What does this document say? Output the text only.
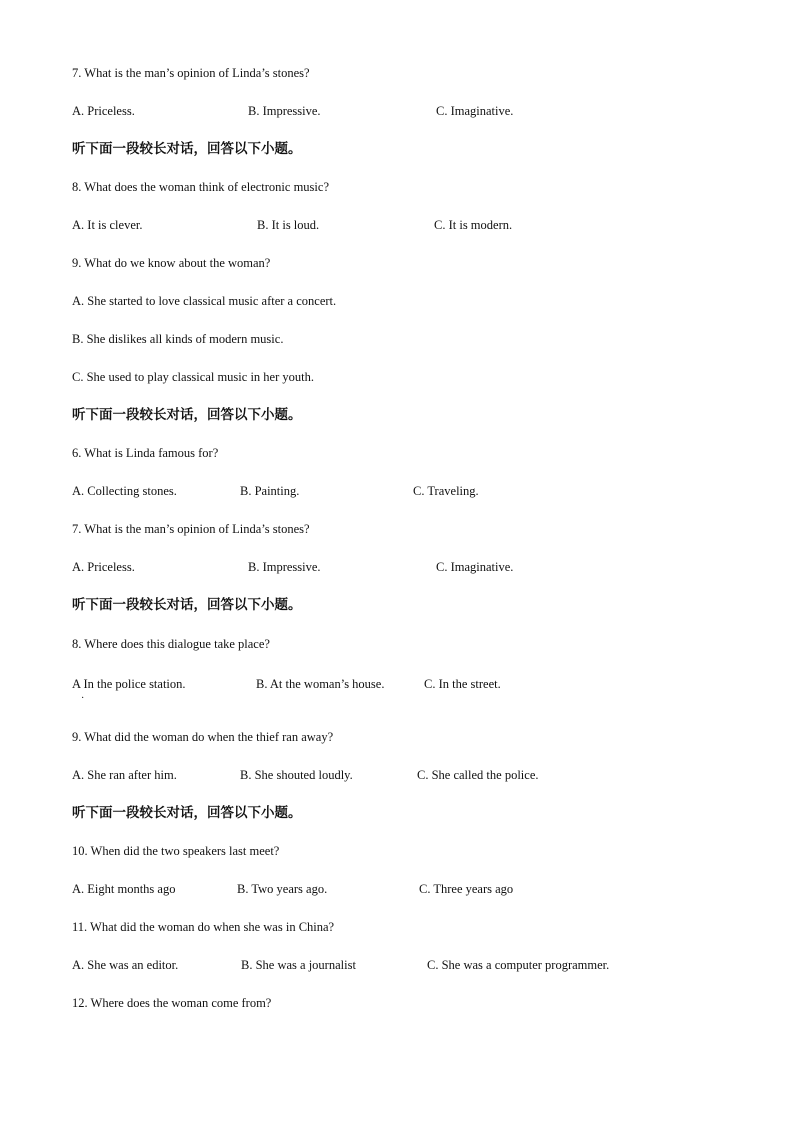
7. What is the man’s opinion of Linda’s stones?
A. Priceless.	B. Impressive.	C. Imaginative.
听下面一段较长对话，回答以下小题。
8. What does the woman think of electronic music?
A. It is clever.	B. It is loud.	C. It is modern.
9. What do we know about the woman?
A. She started to love classical music after a concert.
B. She dislikes all kinds of modern music.
C. She used to play classical music in her youth.
听下面一段较长对话，回答以下小题。
6. What is Linda famous for?
A. Collecting stones.	B. Painting.	C. Traveling.
7. What is the man’s opinion of Linda’s stones?
A. Priceless.	B. Impressive.	C. Imaginative.
听下面一段较长对话，回答以下小题。
8. Where does this dialogue take place?
A In the police station.	B. At the woman’s house.	C. In the street.
·
9. What did the woman do when the thief ran away?
A. She ran after him.	B. She shouted loudly.	C. She called the police.
听下面一段较长对话，回答以下小题。
10. When did the two speakers last meet?
A. Eight months ago	B. Two years ago.	C. Three years ago
11. What did the woman do when she was in China?
A. She was an editor.	B. She was a journalist	C. She was a computer programmer.
12. Where does the woman come from?
